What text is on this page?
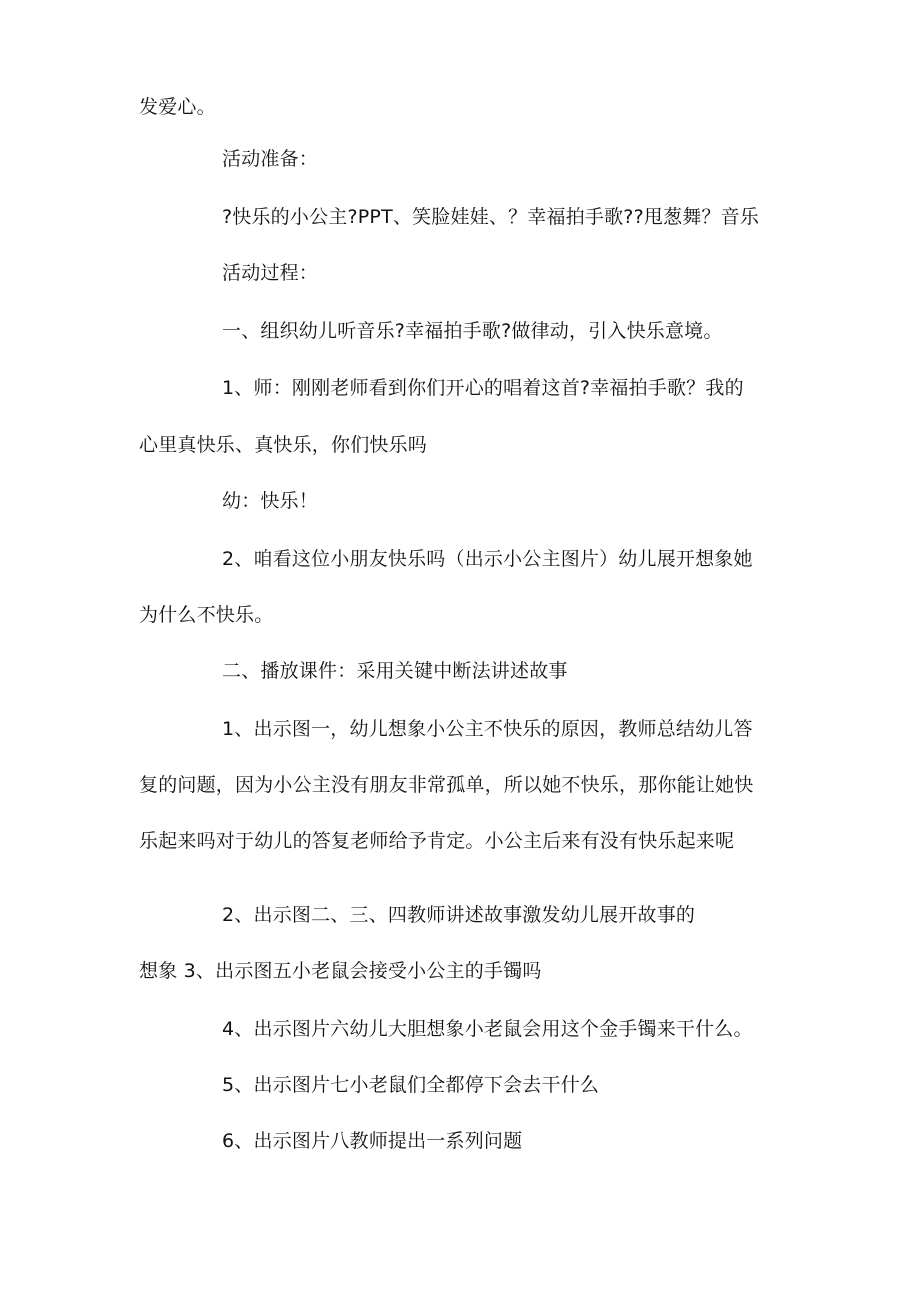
发爱心。
活动准备：
?快乐的小公主?PPT、笑脸娃娃、？幸福拍手歌??甩葱舞？音乐
活动过程：
一、组织幼儿听音乐?幸福拍手歌?做律动，引入快乐意境。
1、师：刚刚老师看到你们开心的唱着这首?幸福拍手歌？我的
心里真快乐、真快乐，你们快乐吗
幼：快乐！
2、咱看这位小朋友快乐吗（出示小公主图片）幼儿展开想象她
为什么不快乐。
二、播放课件：采用关键中断法讲述故事
1、出示图一，幼儿想象小公主不快乐的原因，教师总结幼儿答
复的问题，因为小公主没有朋友非常孤单，所以她不快乐，那你能让她快
乐起来吗对于幼儿的答复老师给予肯定。小公主后来有没有快乐起来呢
2、出示图二、三、四教师讲述故事激发幼儿展开故事的
想象 3、出示图五小老鼠会接受小公主的手镯吗
4、出示图片六幼儿大胆想象小老鼠会用这个金手镯来干什么。
5、出示图片七小老鼠们全都停下会去干什么
6、出示图片八教师提出一系列问题
